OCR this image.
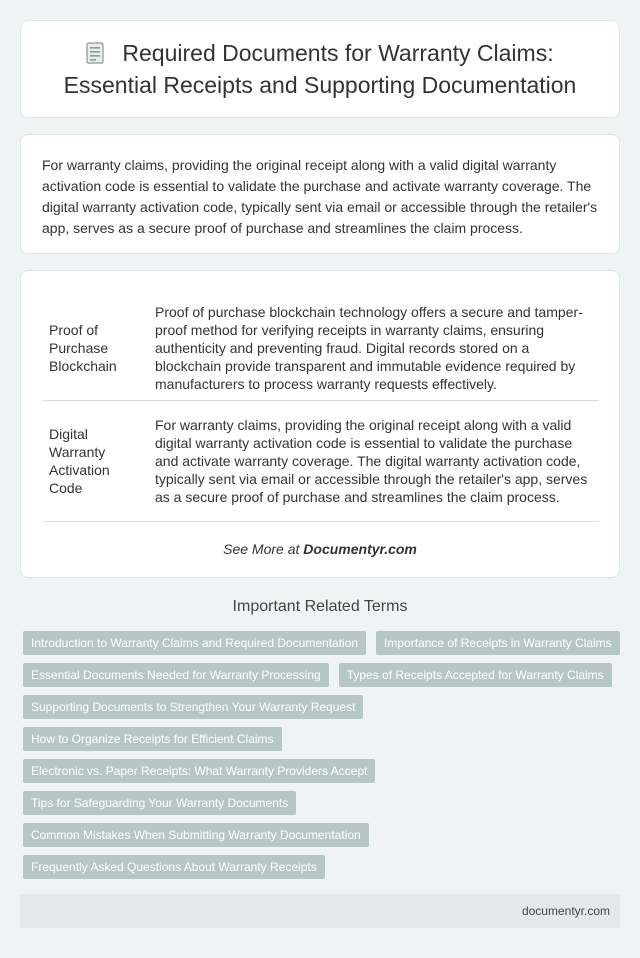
Required Documents for Warranty Claims: Essential Receipts and Supporting Documentation

For warranty claims, providing the original receipt along with a valid digital warranty activation code is essential to validate the purchase and activate warranty coverage. The digital warranty activation code, typically sent via email or accessible through the retailer's app, serves as a secure proof of purchase and streamlines the claim process.

Proof of Purchase Blockchain	Proof of purchase blockchain technology offers a secure and tamper-proof method for verifying receipts in warranty claims, ensuring authenticity and preventing fraud. Digital records stored on a blockchain provide transparent and immutable evidence required by manufacturers to process warranty requests effectively.
Digital Warranty Activation Code	For warranty claims, providing the original receipt along with a valid digital warranty activation code is essential to validate the purchase and activate warranty coverage. The digital warranty activation code, typically sent via email or accessible through the retailer's app, serves as a secure proof of purchase and streamlines the claim process.
See More at Documentyr.com
Important Related Terms
Introduction to Warranty Claims and Required Documentation	Importance of Receipts in Warranty Claims
Essential Documents Needed for Warranty Processing	Types of Receipts Accepted for Warranty Claims
Supporting Documents to Strengthen Your Warranty Request
How to Organize Receipts for Efficient Claims
Electronic vs. Paper Receipts: What Warranty Providers Accept
Tips for Safeguarding Your Warranty Documents
Common Mistakes When Submitting Warranty Documentation
Frequently Asked Questions About Warranty Receipts
documentyr.com
